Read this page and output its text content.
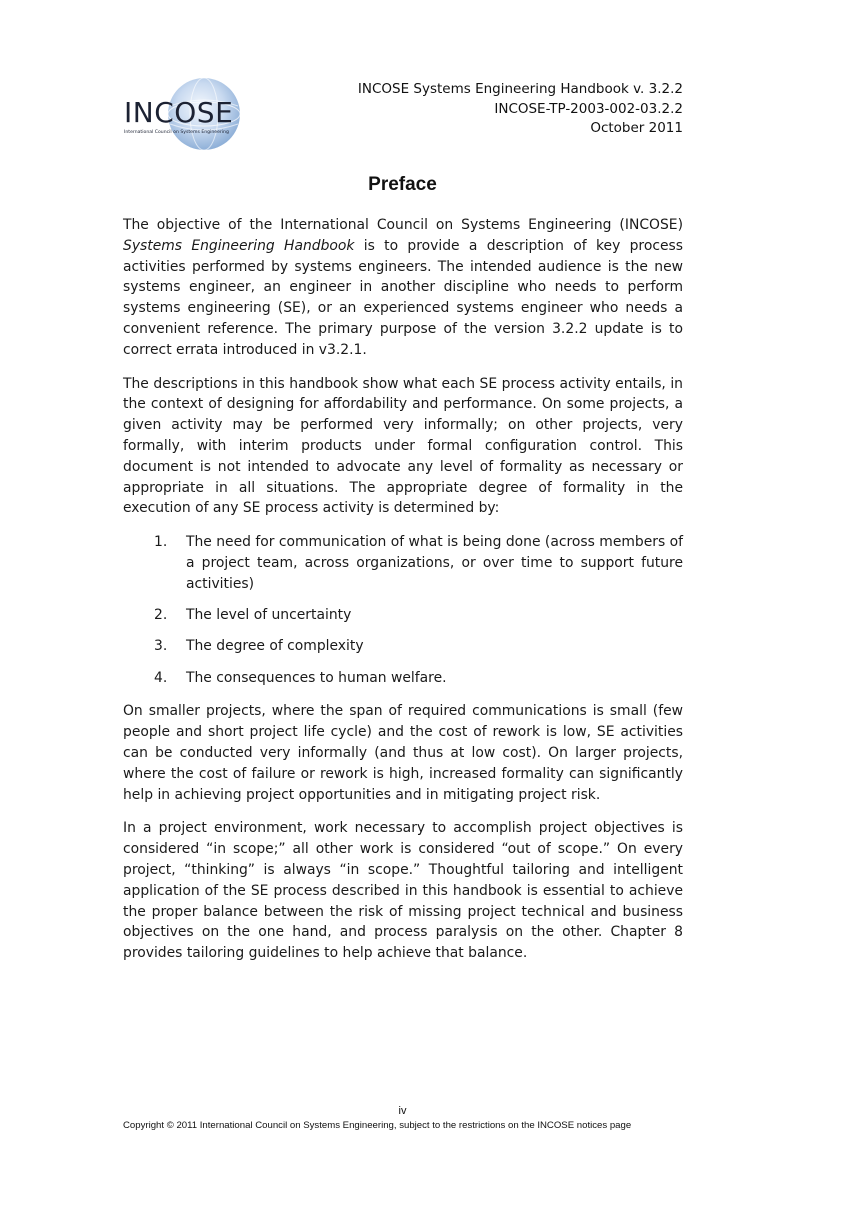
INCOSE
International Council on Systems Engineering
INCOSE Systems Engineering Handbook v. 3.2.2
INCOSE-TP-2003-002-03.2.2
October 2011
Preface

The objective of the International Council on Systems Engineering (INCOSE) Systems Engineering Handbook is to provide a description of key process activities performed by systems engineers. The intended audience is the new systems engineer, an engineer in another discipline who needs to perform systems engineering (SE), or an experienced systems engineer who needs a convenient reference. The primary purpose of the version 3.2.2 update is to correct errata introduced in v3.2.1.

The descriptions in this handbook show what each SE process activity entails, in the context of designing for affordability and performance. On some projects, a given activity may be performed very informally; on other projects, very formally, with interim products under formal configuration control. This document is not intended to advocate any level of formality as necessary or appropriate in all situations. The appropriate degree of formality in the execution of any SE process activity is determined by:

1. The need for communication of what is being done (across members of a project team, across organizations, or over time to support future activities)
2. The level of uncertainty
3. The degree of complexity
4. The consequences to human welfare.

On smaller projects, where the span of required communications is small (few people and short project life cycle) and the cost of rework is low, SE activities can be conducted very informally (and thus at low cost). On larger projects, where the cost of failure or rework is high, increased formality can significantly help in achieving project opportunities and in mitigating project risk.

In a project environment, work necessary to accomplish project objectives is considered “in scope;” all other work is considered “out of scope.” On every project, “thinking” is always “in scope.” Thoughtful tailoring and intelligent application of the SE process described in this handbook is essential to achieve the proper balance between the risk of missing project technical and business objectives on the one hand, and process paralysis on the other. Chapter 8 provides tailoring guidelines to help achieve that balance.

iv
Copyright © 2011 International Council on Systems Engineering, subject to the restrictions on the INCOSE notices page
